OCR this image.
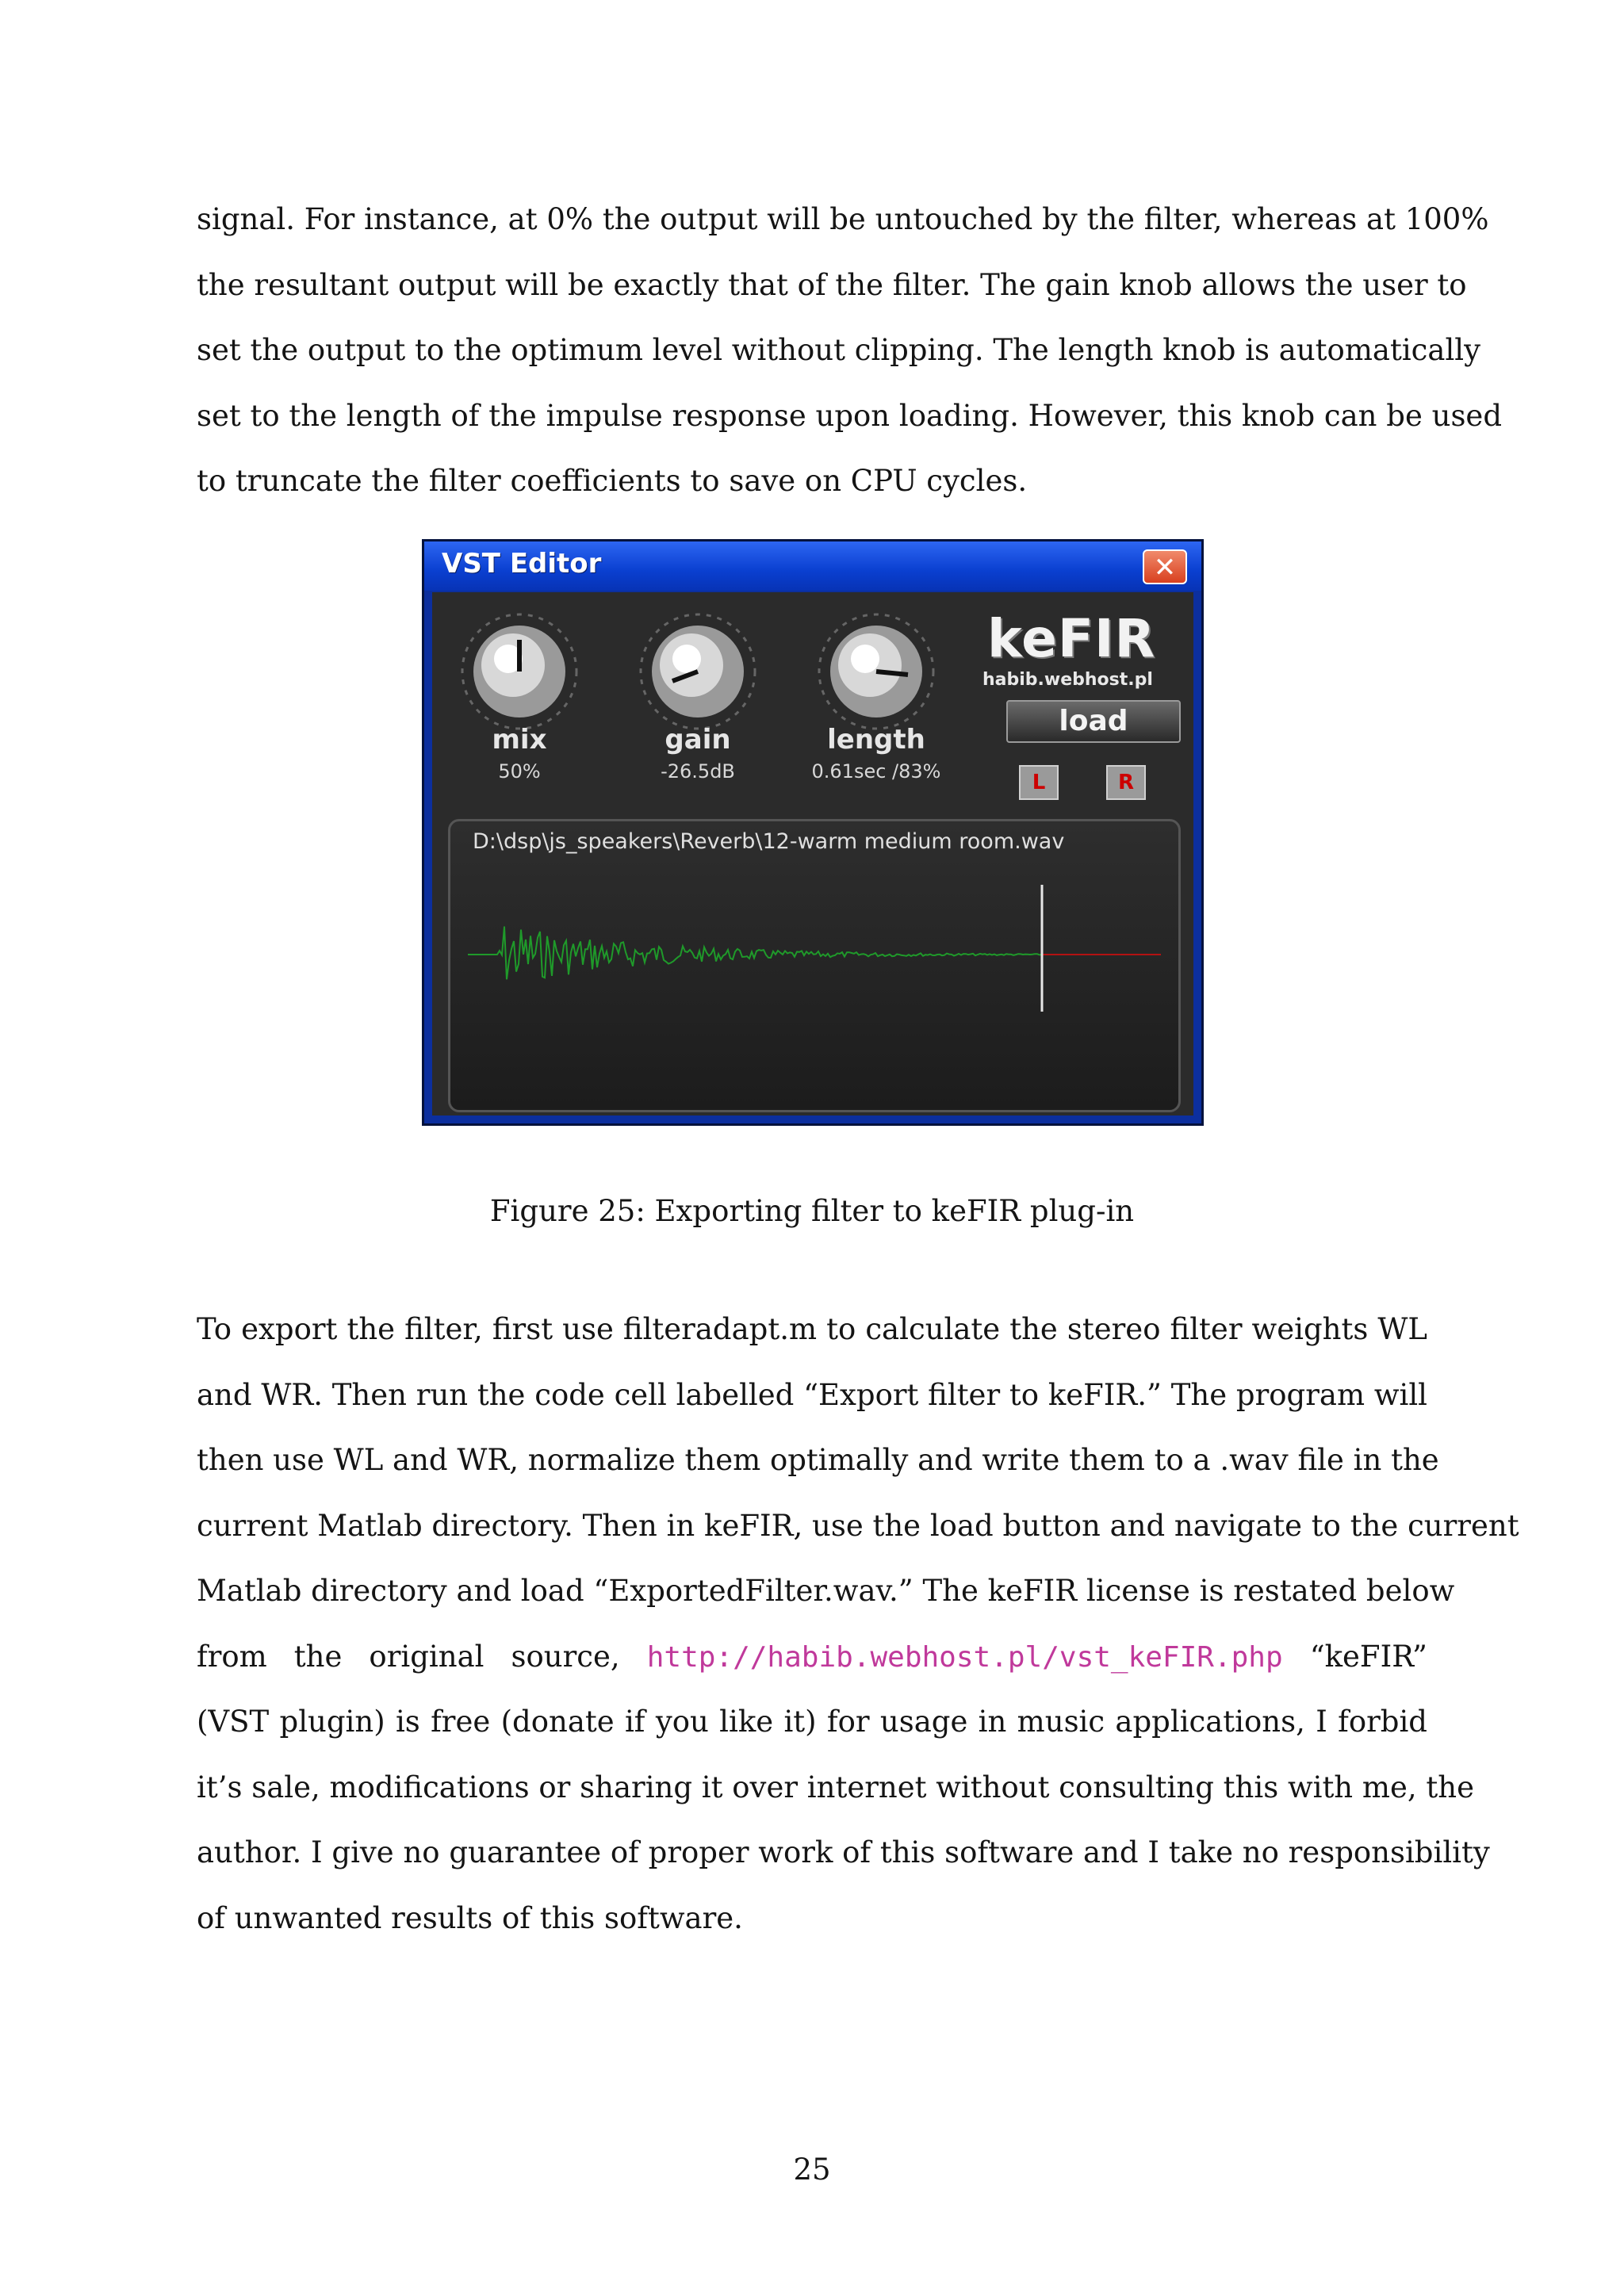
signal. For instance, at 0% the output will be untouched by the filter, whereas at 100%
the resultant output will be exactly that of the filter. The gain knob allows the user to
set the output to the optimum level without clipping. The length knob is automatically
set to the length of the impulse response upon loading. However, this knob can be used
to truncate the filter coefficients to save on CPU cycles.
VST Editor	✕
mix
50%
gain
-26.5dB
length
0.61sec /83%
keFIR
habib.webhost.pl
load
L	R
D:\dsp\js_speakers\Reverb\12-warm medium room.wav
Figure 25: Exporting filter to keFIR plug-in
To export the filter, first use filteradapt.m to calculate the stereo filter weights WL
and WR. Then run the code cell labelled “Export filter to keFIR.” The program will
then use WL and WR, normalize them optimally and write them to a .wav file in the
current Matlab directory. Then in keFIR, use the load button and navigate to the current
Matlab directory and load “ExportedFilter.wav.” The keFIR license is restated below
from the original source, http://habib.webhost.pl/vst_keFIR.php “keFIR”
(VST plugin) is free (donate if you like it) for usage in music applications, I forbid
it’s sale, modifications or sharing it over internet without consulting this with me, the
author. I give no guarantee of proper work of this software and I take no responsibility
of unwanted results of this software.
25
